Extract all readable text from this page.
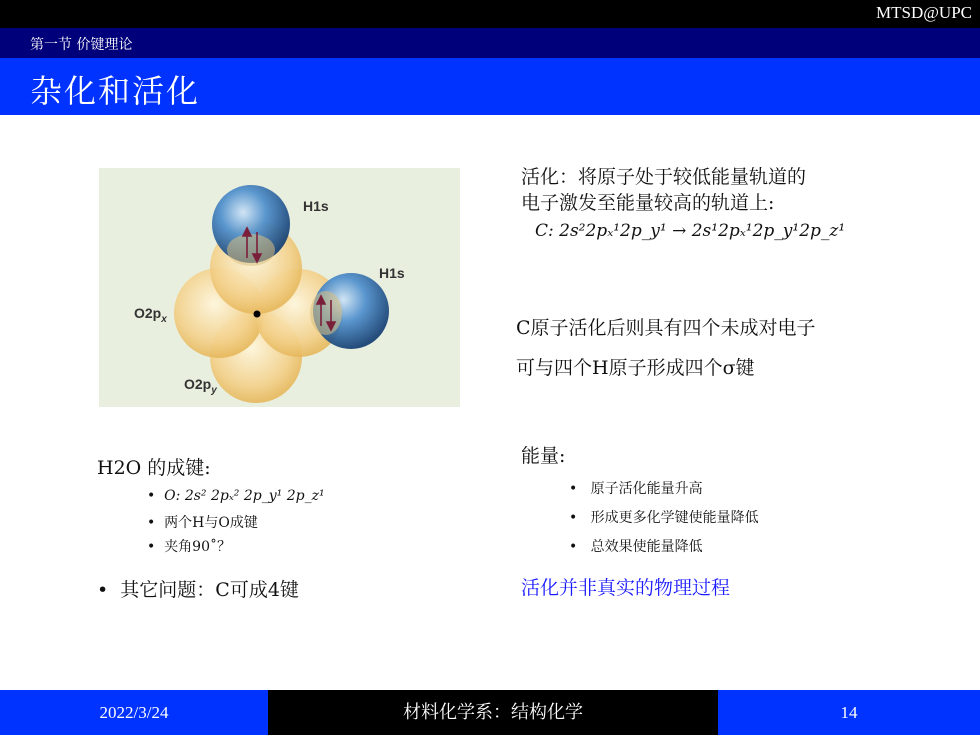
MTSD@UPC
第一节 价键理论
杂化和活化
H1s
H1s
$O2p_x$
$O2p_y$
活化：将原子处于较低能量轨道的
电子激发至能量较高的轨道上:
C: 2s²2pₓ¹2p_y¹ → 2s¹2pₓ¹2p_y¹2p_z¹
C原子活化后则具有四个未成对电子
可与四个H原子形成四个σ键
H2O 的成键:
•  O: 2s² 2pₓ² 2p_y¹ 2p_z¹
•  两个H与O成键
•  夹角90˚？
•  其它问题：C可成4键
能量:
•   原子活化能量升高
•   形成更多化学键使能量降低
•   总效果使能量降低
活化并非真实的物理过程
2022/3/24	材料化学系：结构化学	14
